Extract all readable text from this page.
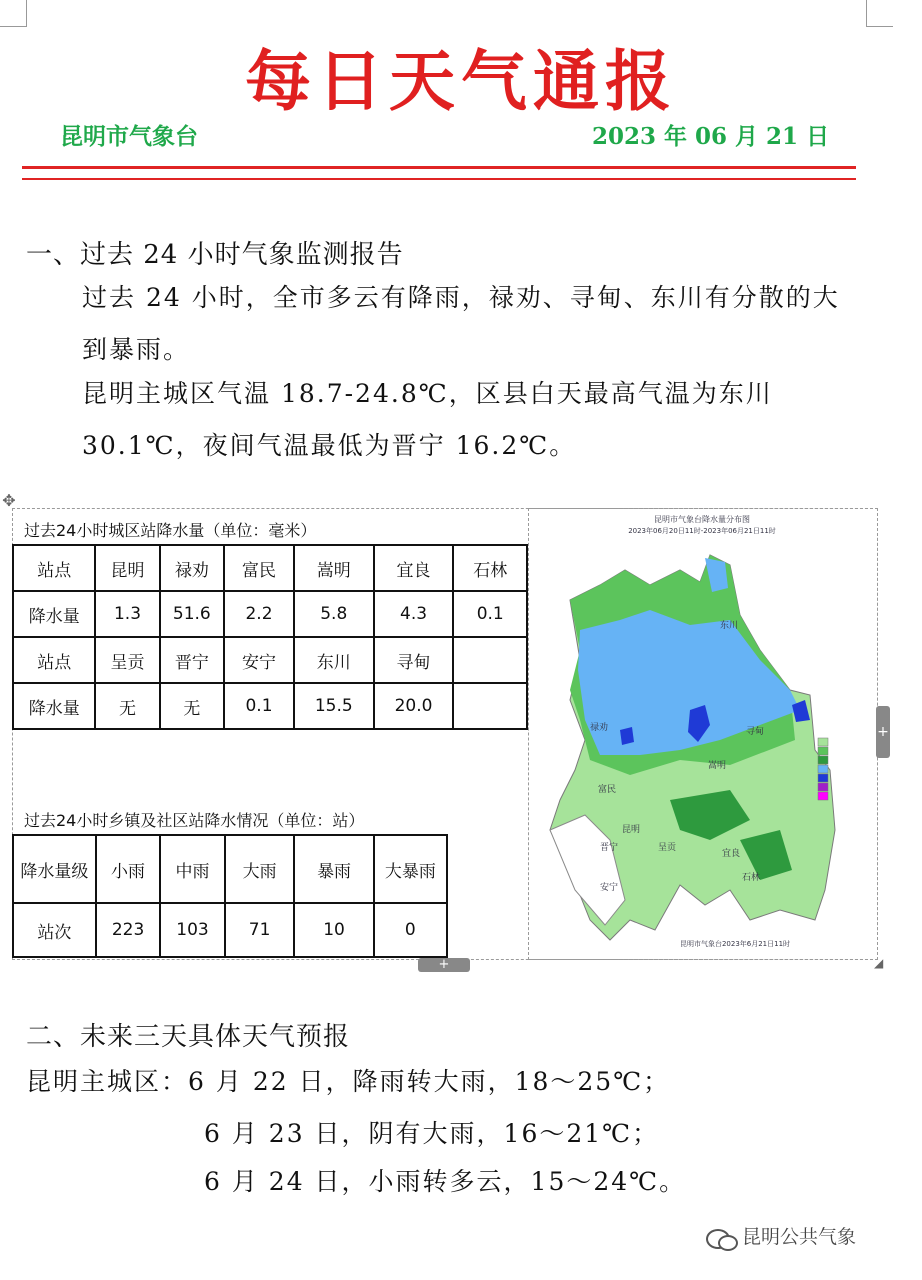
每日天气通报
昆明市气象台	2023 年 06 月 21 日
一、过去 24 小时气象监测报告
过去 24 小时，全市多云有降雨，禄劝、寻甸、东川有分散的大到暴雨。
昆明主城区气温 18.7-24.8℃，区县白天最高气温为东川 30.1℃，夜间气温最低为晋宁 16.2℃。
✥
过去24小时城区站降水量（单位：毫米）
站点	昆明	禄劝	富民	嵩明	宜良	石林
降水量	1.3	51.6	2.2	5.8	4.3	0.1
站点	呈贡	晋宁	安宁	东川	寻甸	
降水量	无	无	0.1	15.5	20.0	
过去24小时乡镇及社区站降水情况（单位：站）
降水量级	小雨	中雨	大雨	暴雨	大暴雨
站次	223	103	71	10	0
昆明市气象台降水量分布图
2023年06月20日11时-2023年06月21日11时
东川
禄劝	寻甸
嵩明
富民
昆明
呈贡
晋宁
安宁
宜良
石林
昆明市气象台2023年6月21日11时
+
+	◢
二、未来三天具体天气预报
昆明主城区：6 月 22 日，降雨转大雨，18～25℃；
6 月 23 日，阴有大雨，16～21℃；
6 月 24 日，小雨转多云，15～24℃。
昆明公共气象
